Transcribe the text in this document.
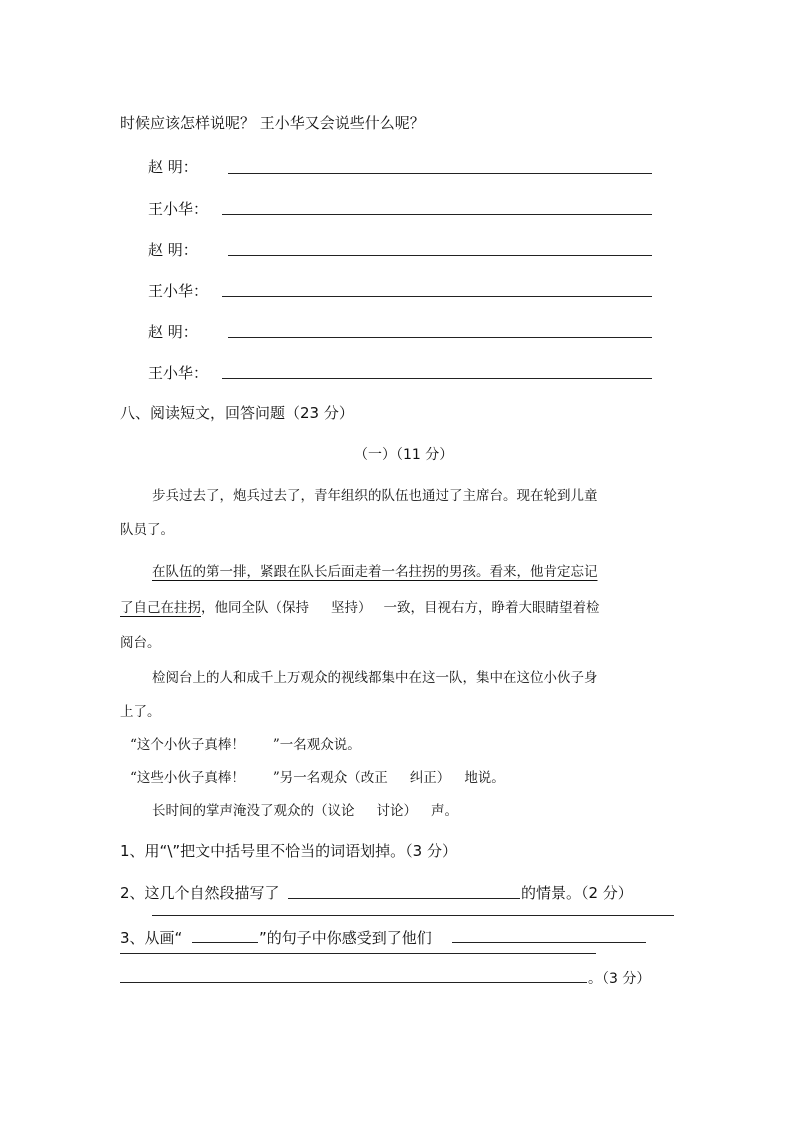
时候应该怎样说呢？ 王小华又会说些什么呢？
赵 明：
王小华：
赵 明：
王小华：
赵 明：
王小华：
八、阅读短文，回答问题（23 分）
（一）（11 分）
步兵过去了，炮兵过去了，青年组织的队伍也通过了主席台。现在轮到儿童
队员了。
在队伍的第一排，紧跟在队长后面走着一名拄拐的男孩。看来，他肯定忘记
了自己在拄拐，他同全队（保持 坚持） 一致，目视右方，睁着大眼睛望着检
阅台。
检阅台上的人和成千上万观众的视线都集中在这一队，集中在这位小伙子身
上了。
“这个小伙子真棒！ ”一名观众说。
“这些小伙子真棒！ ”另一名观众（改正 纠正） 地说。
长时间的掌声淹没了观众的（议论 讨论） 声。
1、用“\”把文中括号里不恰当的词语划掉。（3 分）
2、这几个自然段描写了	的情景。（2 分）
3、从画“	”的句子中你感受到了他们
。（3 分）
